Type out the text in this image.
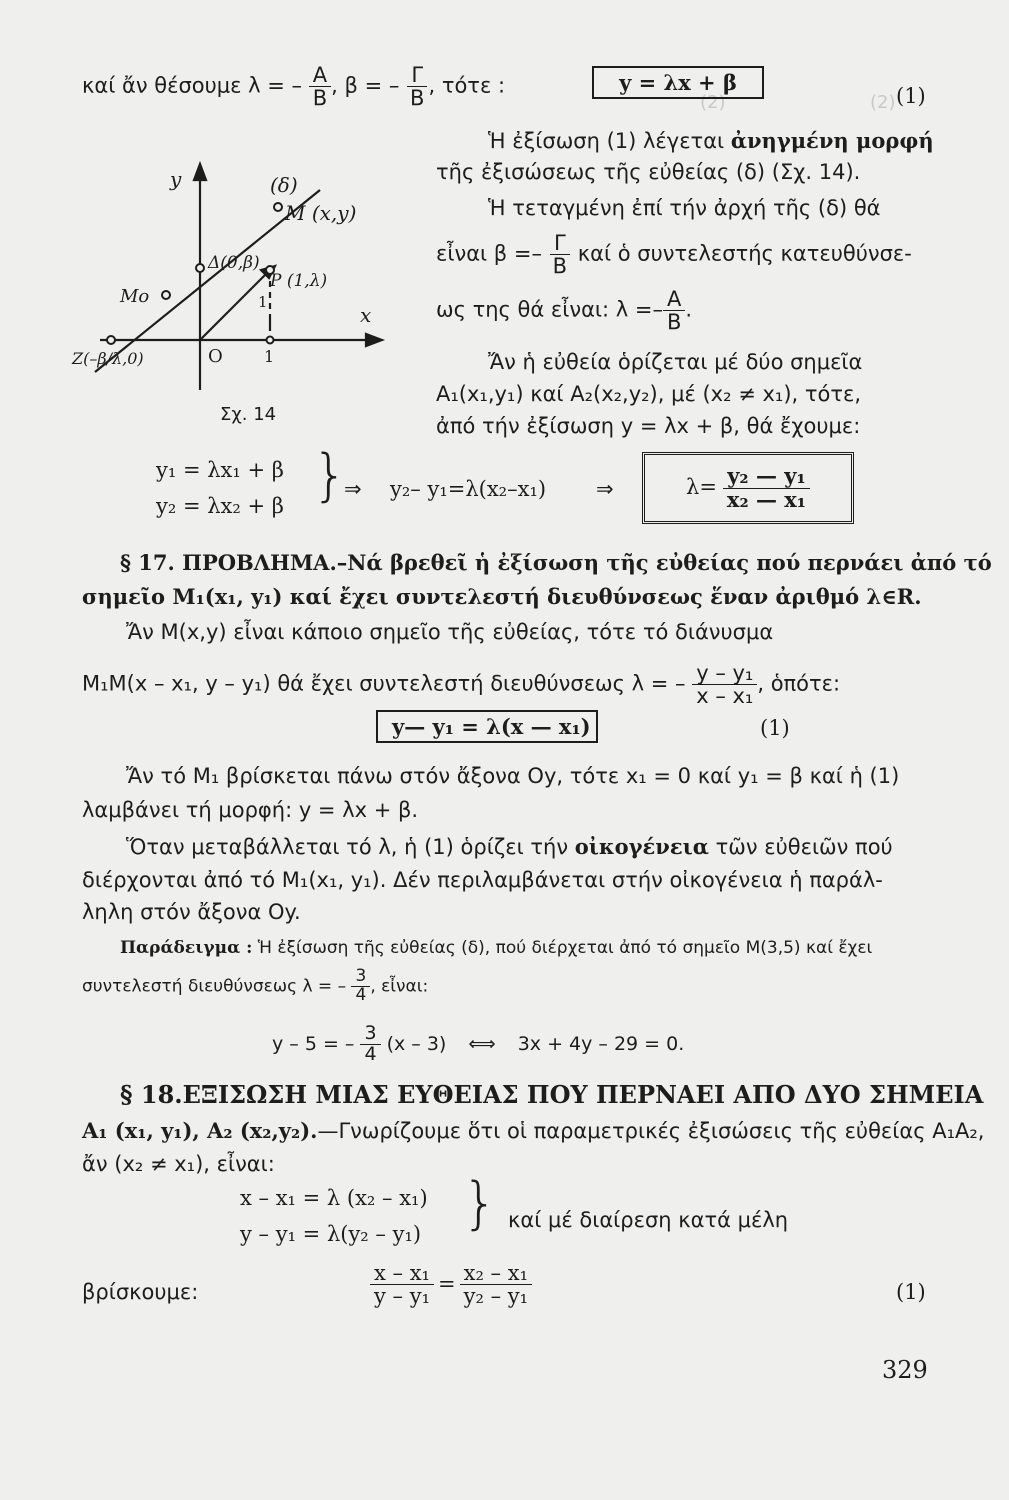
(2)	(2)
καί ἄν θέσουμε λ = – $\frac{A}{B}$ , β = – $\frac{\Gamma}{B}$ , τότε :	y = λx + β
(1)
Ἡ ἐξίσωση (1) λέγεται ἀνηγμένη μορφή
τῆς ἐξισώσεως τῆς εὐθείας (δ) (Σχ. 14).
Ἡ τεταγμένη ἐπί τήν ἀρχή τῆς (δ) θά
εἶναι $\beta =- \frac{\Gamma}{B}$ καί ὁ συντελεστής κατευθύνσε-
ως της θά εἶναι: $\lambda =- \frac{A}{B}$ .
Ἄν ἡ εὐθεία ὁρίζεται μέ δύο σημεῖα
Α₁(x₁,y₁) καί Α₂(x₂,y₂), μέ (x₂ ≠ x₁), τότε,
ἀπό τήν ἐξίσωση y = λx + β, θά ἔχουμε:
y
x
(δ)
M (x,y)
Δ(0,β)
P (1,λ)
Mo
Z(–β/λ,0)	O	1
1
Σχ. 14
y₁ = λx₁ + β
y₂ = λx₂ + β }
⇒ y₂– y₁=λ(x₂–x₁) ⇒	$\lambda= \frac{\text{y₂ — y₁}}{\text{x₂ — x₁}}$
§ 17. ΠΡΟΒΛΗΜΑ.–Νά βρεθεῖ ἡ ἐξίσωση τῆς εὐθείας πού περνάει ἀπό τό
σημεῖο M₁(x₁, y₁) καί ἔχει συντελεστή διευθύνσεως ἕναν ἀριθμό λ∈R.
Ἄν M(x,y) εἶναι κάποιο σημεῖο τῆς εὐθείας, τότε τό διάνυσμα
M₁M(x – x₁, y – y₁) θά ἔχει συντελεστή διευθύνσεως λ = – $\frac{\text{y – y₁}}{\text{x – x₁}}$ , ὁπότε:
y— y₁ = λ(x — x₁)	(1)
Ἄν τό M₁ βρίσκεται πάνω στόν ἄξονα Oy, τότε x₁ = 0 καί y₁ = β καί ἡ (1)
λαμβάνει τή μορφή: y = λx + β.
Ὅταν μεταβάλλεται τό λ, ἡ (1) ὁρίζει τήν οἰκογένεια τῶν εὐθειῶν πού
διέρχονται ἀπό τό M₁(x₁, y₁). Δέν περιλαμβάνεται στήν οἰκογένεια ἡ παράλ-
ληλη στόν ἄξονα Oy.
Παράδειγμα : Ἡ ἐξίσωση τῆς εὐθείας (δ), πού διέρχεται ἀπό τό σημεῖο M(3,5) καί ἔχει
συντελεστή διευθύνσεως λ = – $\frac{3}{4}$ , εἶναι:
y – 5 = – $\frac{3}{4} (x - 3)$ ⟺ 3x + 4y – 29 = 0.
§ 18.ΕΞΙΣΩΣΗ ΜΙΑΣ ΕΥΘΕΙΑΣ ΠΟΥ ΠΕΡΝΑΕΙ ΑΠΟ ΔΥΟ ΣΗΜΕΙΑ
A₁ (x₁, y₁), A₂ (x₂,y₂).—Γνωρίζουμε ὅτι οἱ παραμετρικές ἐξισώσεις τῆς εὐθείας A₁A₂,
ἄν (x₂ ≠ x₁), εἶναι:
x – x₁ = λ (x₂ – x₁)
y – y₁ = λ(y₂ – y₁) } καί μέ διαίρεση κατά μέλη
βρίσκουμε:	$\frac{\text{x – x₁}}{\text{y – y₁}} = \frac{\text{x₂ – x₁}}{\text{y₂ – y₁}}$	(1)
329
